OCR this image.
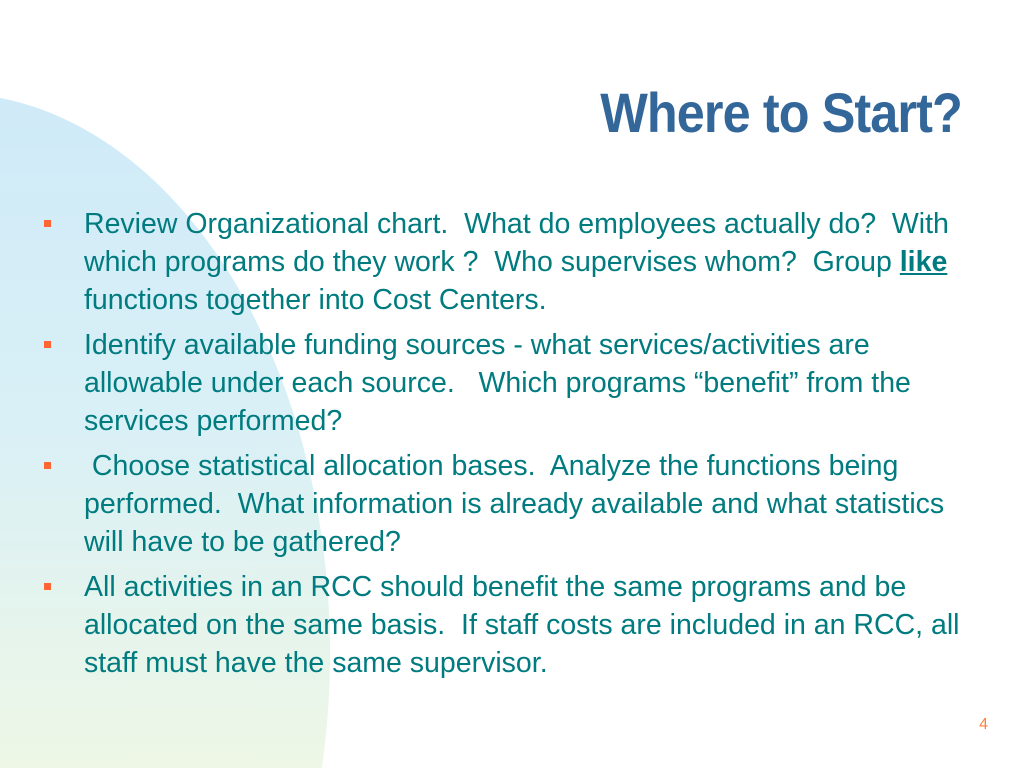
Where to Start?
Review Organizational chart.  What do employees actually do?  With which programs do they work ?  Who supervises whom?  Group like functions together into Cost Centers.
Identify available funding sources - what services/activities are allowable under each source.   Which programs “benefit” from the services performed?
Choose statistical allocation bases.  Analyze the functions being performed.  What information is already available and what statistics will have to be gathered?
All activities in an RCC should benefit the same programs and be allocated on the same basis.  If staff costs are included in an RCC, all staff must have the same supervisor.
4
